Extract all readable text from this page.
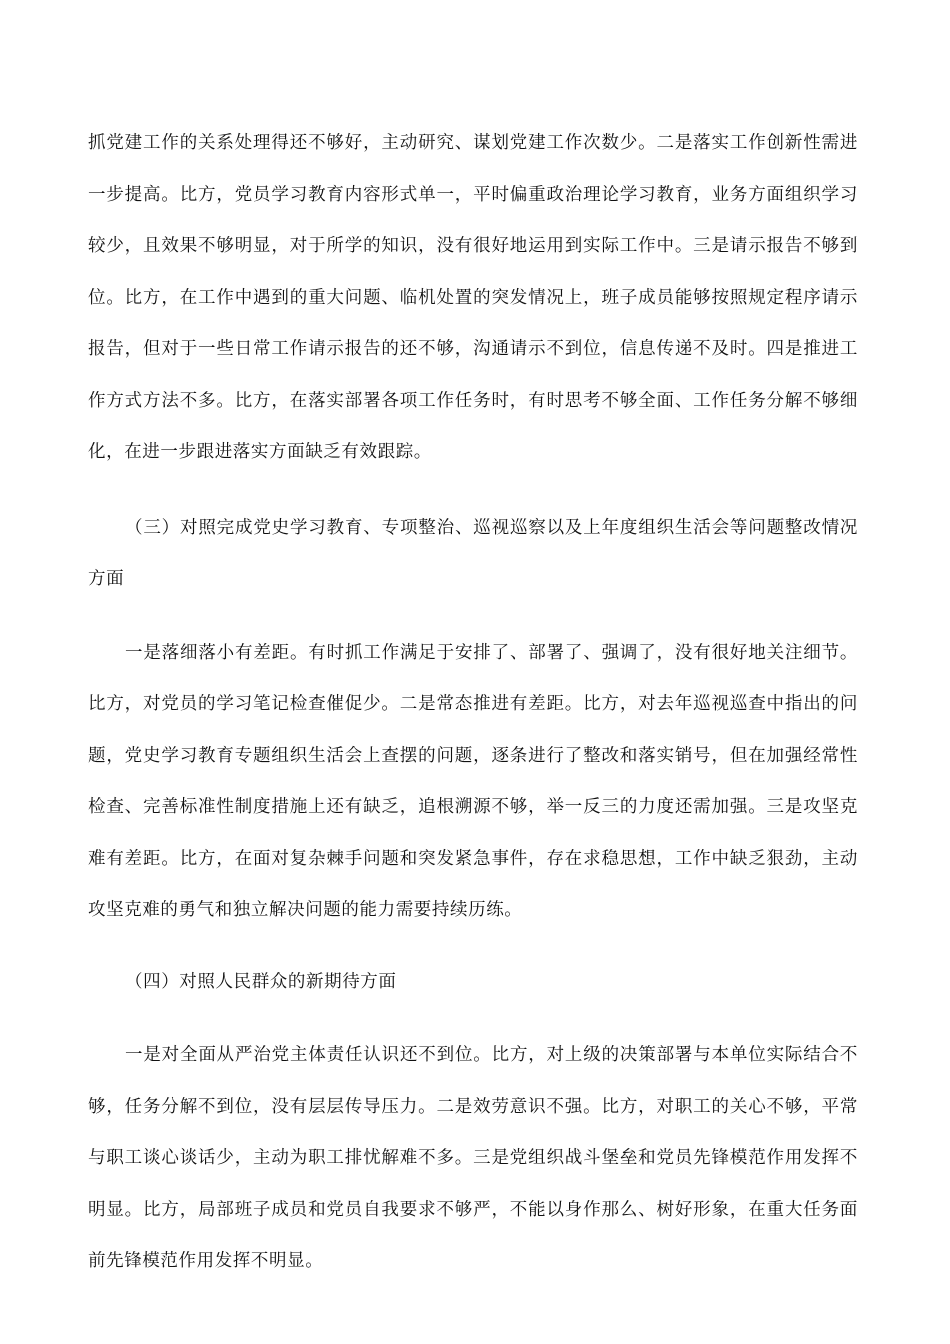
抓党建工作的关系处理得还不够好，主动研究、谋划党建工作次数少。二是落实工作创新性需进一步提高。比方，党员学习教育内容形式单一，平时偏重政治理论学习教育，业务方面组织学习较少，且效果不够明显，对于所学的知识，没有很好地运用到实际工作中。三是请示报告不够到位。比方，在工作中遇到的重大问题、临机处置的突发情况上，班子成员能够按照规定程序请示报告，但对于一些日常工作请示报告的还不够，沟通请示不到位，信息传递不及时。四是推进工作方式方法不多。比方，在落实部署各项工作任务时，有时思考不够全面、工作任务分解不够细化，在进一步跟进落实方面缺乏有效跟踪。

（三）对照完成党史学习教育、专项整治、巡视巡察以及上年度组织生活会等问题整改情况方面

一是落细落小有差距。有时抓工作满足于安排了、部署了、强调了，没有很好地关注细节。比方，对党员的学习笔记检查催促少。二是常态推进有差距。比方，对去年巡视巡查中指出的问题，党史学习教育专题组织生活会上查摆的问题，逐条进行了整改和落实销号，但在加强经常性检查、完善标准性制度措施上还有缺乏，追根溯源不够，举一反三的力度还需加强。三是攻坚克难有差距。比方，在面对复杂棘手问题和突发紧急事件，存在求稳思想，工作中缺乏狠劲，主动攻坚克难的勇气和独立解决问题的能力需要持续历练。

（四）对照人民群众的新期待方面

一是对全面从严治党主体责任认识还不到位。比方，对上级的决策部署与本单位实际结合不够，任务分解不到位，没有层层传导压力。二是效劳意识不强。比方，对职工的关心不够，平常与职工谈心谈话少，主动为职工排忧解难不多。三是党组织战斗堡垒和党员先锋模范作用发挥不明显。比方，局部班子成员和党员自我要求不够严，不能以身作那么、树好形象，在重大任务面前先锋模范作用发挥不明显。
